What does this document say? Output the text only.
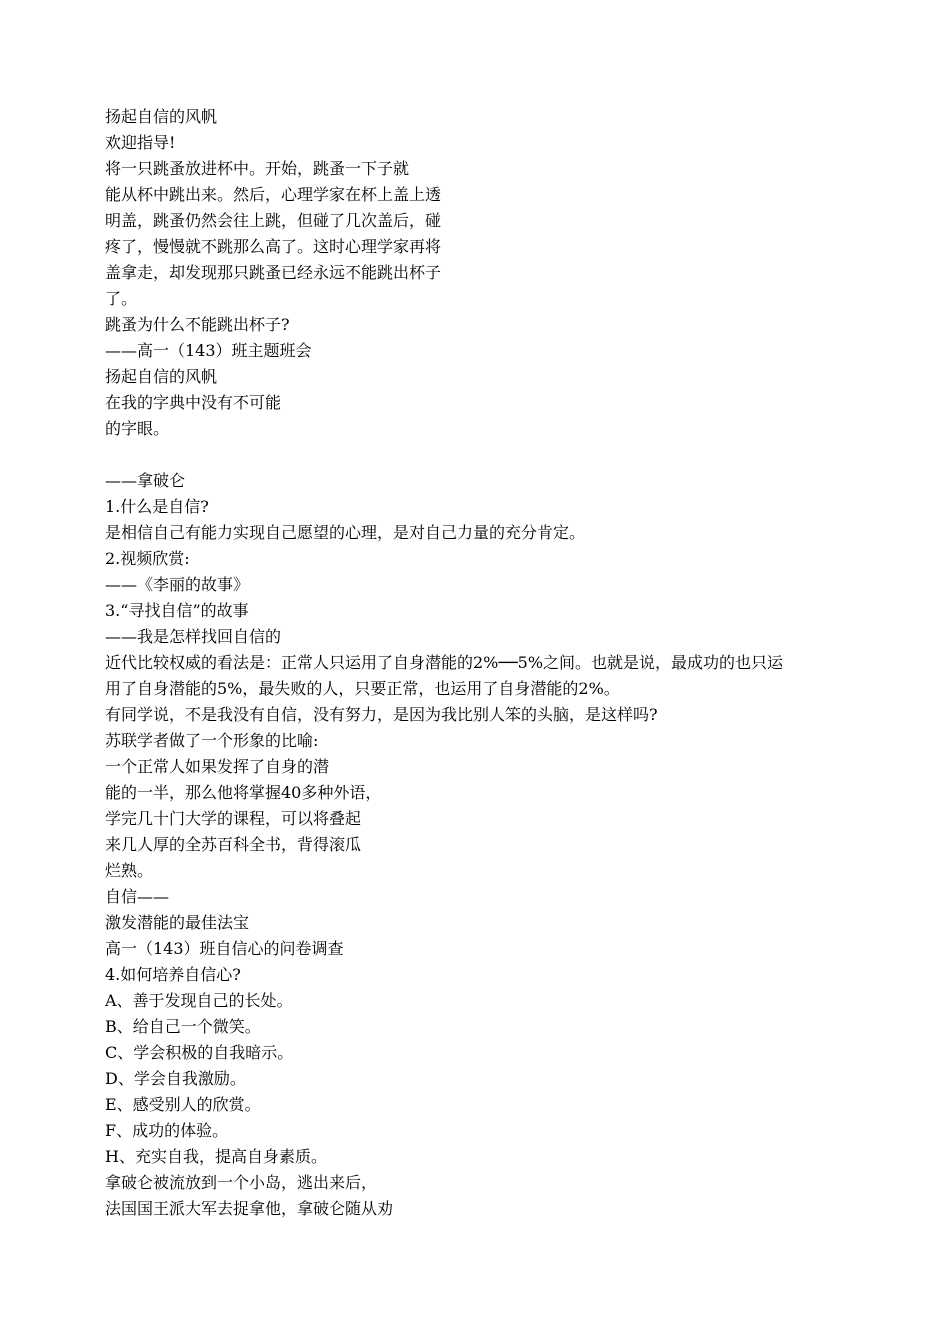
扬起自信的风帆
欢迎指导!
将一只跳蚤放进杯中。开始，跳蚤一下子就
能从杯中跳出来。然后，心理学家在杯上盖上透
明盖，跳蚤仍然会往上跳，但碰了几次盖后，碰
疼了，慢慢就不跳那么高了。这时心理学家再将
盖拿走，却发现那只跳蚤已经永远不能跳出杯子
了。
跳蚤为什么不能跳出杯子?
——高一（143）班主题班会
扬起自信的风帆
在我的字典中没有不可能
的字眼。
——拿破仑
1.什么是自信?
是相信自己有能力实现自己愿望的心理，是对自己力量的充分肯定。
2.视频欣赏:
——《李丽的故事》
3.“寻找自信”的故事
——我是怎样找回自信的
近代比较权威的看法是：正常人只运用了自身潜能的2%──5%之间。也就是说，最成功的也只运
用了自身潜能的5%，最失败的人，只要正常，也运用了自身潜能的2%。
有同学说，不是我没有自信，没有努力，是因为我比别人笨的头脑，是这样吗?
苏联学者做了一个形象的比喻:
一个正常人如果发挥了自身的潜
能的一半，那么他将掌握40多种外语，
学完几十门大学的课程，可以将叠起
来几人厚的全苏百科全书，背得滚瓜
烂熟。
自信——
激发潜能的最佳法宝
高一（143）班自信心的问卷调查
4.如何培养自信心?
A、善于发现自己的长处。
B、给自己一个微笑。
C、学会积极的自我暗示。
D、学会自我激励。
E、感受别人的欣赏。
F、成功的体验。
H、充实自我，提高自身素质。
拿破仑被流放到一个小岛，逃出来后，
法国国王派大军去捉拿他，拿破仑随从劝
